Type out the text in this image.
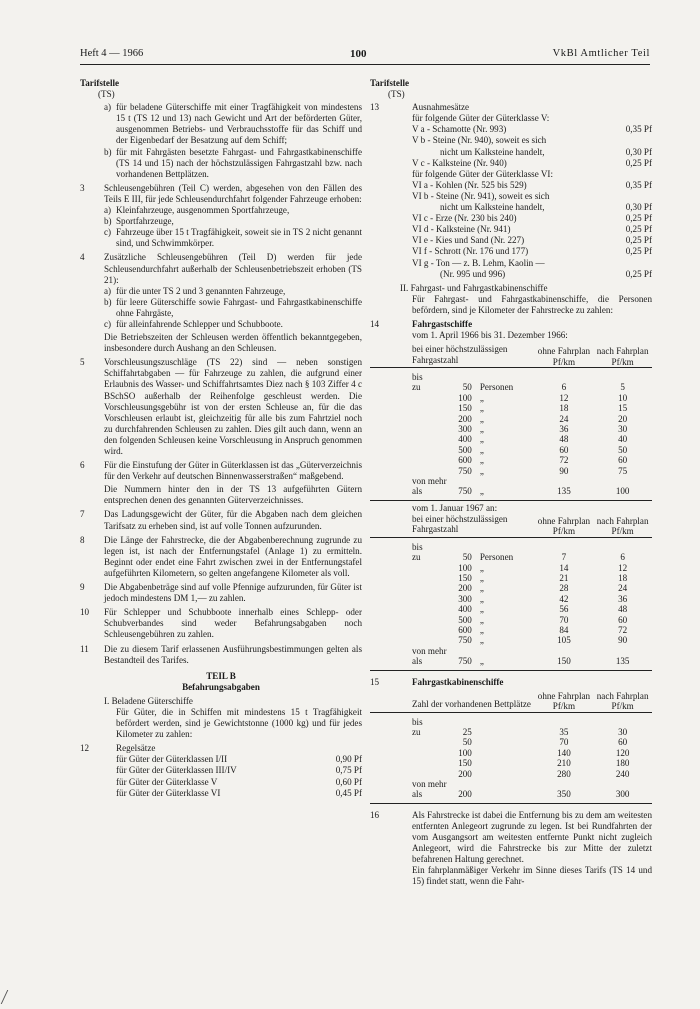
Heft 4 — 1966	100	VkBl Amtlicher Teil
Tarifstelle
(TS)
a) für beladene Güterschiffe mit einer Tragfähigkeit von mindestens 15 t (TS 12 und 13) nach Gewicht und Art der beförderten Güter, ausgenommen Betriebs- und Verbrauchsstoffe für das Schiff und der Eigenbedarf der Besatzung auf dem Schiff;
b) für mit Fahrgästen besetzte Fahrgast- und Fahrgastkabinenschiffe (TS 14 und 15) nach der höchstzulässigen Fahrgastzahl bzw. nach vorhandenen Bettplätzen.
3 Schleusengebühren (Teil C) werden, abgesehen von den Fällen des Teils E III, für jede Schleusendurchfahrt folgender Fahrzeuge erhoben:
a) Kleinfahrzeuge, ausgenommen Sportfahrzeuge,
b) Sportfahrzeuge,
c) Fahrzeuge über 15 t Tragfähigkeit, soweit sie in TS 2 nicht genannt sind, und Schwimmkörper.
4 Zusätzliche Schleusengebühren (Teil D) werden für jede Schleusendurchfahrt außerhalb der Schleusenbetriebszeit erhoben (TS 21):
a) für die unter TS 2 und 3 genannten Fahrzeuge,
b) für leere Güterschiffe sowie Fahrgast- und Fahrgastkabinenschiffe ohne Fahrgäste,
c) für alleinfahrende Schlepper und Schubboote.
Die Betriebszeiten der Schleusen werden öffentlich bekanntgegeben, insbesondere durch Aushang an den Schleusen.
5 Vorschleusungszuschläge (TS 22) sind — neben sonstigen Schiffahrtabgaben — für Fahrzeuge zu zahlen, die aufgrund einer Erlaubnis des Wasser- und Schiffahrtsamtes Diez nach § 103 Ziffer 4 c BSchSO außerhalb der Reihenfolge geschleust werden. Die Vorschleusungsgebühr ist von der ersten Schleuse an, für die das Vorschleusen erlaubt ist, gleichzeitig für alle bis zum Fahrtziel noch zu durchfahrenden Schleusen zu zahlen. Dies gilt auch dann, wenn an den folgenden Schleusen keine Vorschleusung in Anspruch genommen wird.
6 Für die Einstufung der Güter in Güterklassen ist das „Güterverzeichnis für den Verkehr auf deutschen Binnenwasserstraßen“ maßgebend.
Die Nummern hinter den in der TS 13 aufgeführten Gütern entsprechen denen des genannten Güterverzeichnisses.
7 Das Ladungsgewicht der Güter, für die Abgaben nach dem gleichen Tarifsatz zu erheben sind, ist auf volle Tonnen aufzurunden.
8 Die Länge der Fahrstrecke, die der Abgabenberechnung zugrunde zu legen ist, ist nach der Entfernungstafel (Anlage 1) zu ermitteln. Beginnt oder endet eine Fahrt zwischen zwei in der Entfernungstafel aufgeführten Kilometern, so gelten angefangene Kilometer als voll.
9 Die Abgabenbeträge sind auf volle Pfennige aufzurunden, für Güter ist jedoch mindestens DM 1,— zu zahlen.
10 Für Schlepper und Schubboote innerhalb eines Schlepp- oder Schubverbandes sind weder Befahrungsabgaben noch Schleusengebühren zu zahlen.
11 Die zu diesem Tarif erlassenen Ausführungsbestimmungen gelten als Bestandteil des Tarifes.
TEIL B
Befahrungsabgaben
I. Beladene Güterschiffe
Für Güter, die in Schiffen mit mindestens 15 t Tragfähigkeit befördert werden, sind je Gewichtstonne (1000 kg) und für jedes Kilometer zu zahlen:
12	Regelsätze
für Güter der Güterklassen I/II	0,90 Pf
für Güter der Güterklassen III/IV	0,75 Pf
für Güter der Güterklasse V	0,60 Pf
für Güter der Güterklasse VI	0,45 Pf
Tarifstelle
(TS)
13	Ausnahmesätze
für folgende Güter der Güterklasse V:
V a - Schamotte (Nr. 993)	0,35 Pf
V b - Steine (Nr. 940), soweit es sich
nicht um Kalksteine handelt,	0,30 Pf
V c - Kalksteine (Nr. 940)	0,25 Pf
für folgende Güter der Güterklasse VI:
VI a - Kohlen (Nr. 525 bis 529)	0,35 Pf
VI b - Steine (Nr. 941), soweit es sich
nicht um Kalksteine handelt,	0,30 Pf
VI c - Erze (Nr. 230 bis 240)	0,25 Pf
VI d - Kalksteine (Nr. 941)	0,25 Pf
VI e - Kies und Sand (Nr. 227)	0,25 Pf
VI f - Schrott (Nr. 176 und 177)	0,25 Pf
VI g - Ton — z. B. Lehm, Kaolin —
(Nr. 995 und 996)	0,25 Pf
II. Fahrgast- und Fahrgastkabinenschiffe
Für Fahrgast- und Fahrgastkabinenschiffe, die Personen befördern, sind je Kilometer der Fahrstrecke zu zahlen:
14	Fahrgastschiffe
vom 1. April 1966 bis 31. Dezember 1966:
bei einer höchstzulässigen Fahrgastzahl			ohne Fahrplan Pf/km	nach Fahrplan Pf/km
bis zu	50	Personen	6	5
	100	„	12	10
	150	„	18	15
	200	„	24	20
	300	„	36	30
	400	„	48	40
	500	„	60	50
	600	„	72	60
	750	„	90	75
von mehr				
als	750	„	135	100
vom 1. Januar 1967 an:
bei einer höchstzulässigen Fahrgastzahl			ohne Fahrplan Pf/km	nach Fahrplan Pf/km
bis zu	50	Personen	7	6
	100	„	14	12
	150	„	21	18
	200	„	28	24
	300	„	42	36
	400	„	56	48
	500	„	70	60
	600	„	84	72
	750	„	105	90
von mehr				
als	750	„	150	135
15	Fahrgastkabinenschiffe
Zahl der vorhandenen Bettplätze			ohne Fahrplan Pf/km	nach Fahrplan Pf/km
bis zu	25		35	30
	50		70	60
	100		140	120
	150		210	180
	200		280	240
von mehr				
als	200		350	300
16	Als Fahrstrecke ist dabei die Entfernung bis zu dem am weitesten entfernten Anlegeort zugrunde zu legen. Ist bei Rundfahrten der vom Ausgangsort am weitesten entfernte Punkt nicht zugleich Anlegeort, wird die Fahrstrecke bis zur Mitte der zuletzt befahrenen Haltung gerechnet.
Ein fahrplanmäßiger Verkehr im Sinne dieses Tarifs (TS 14 und 15) findet statt, wenn die Fahr-
